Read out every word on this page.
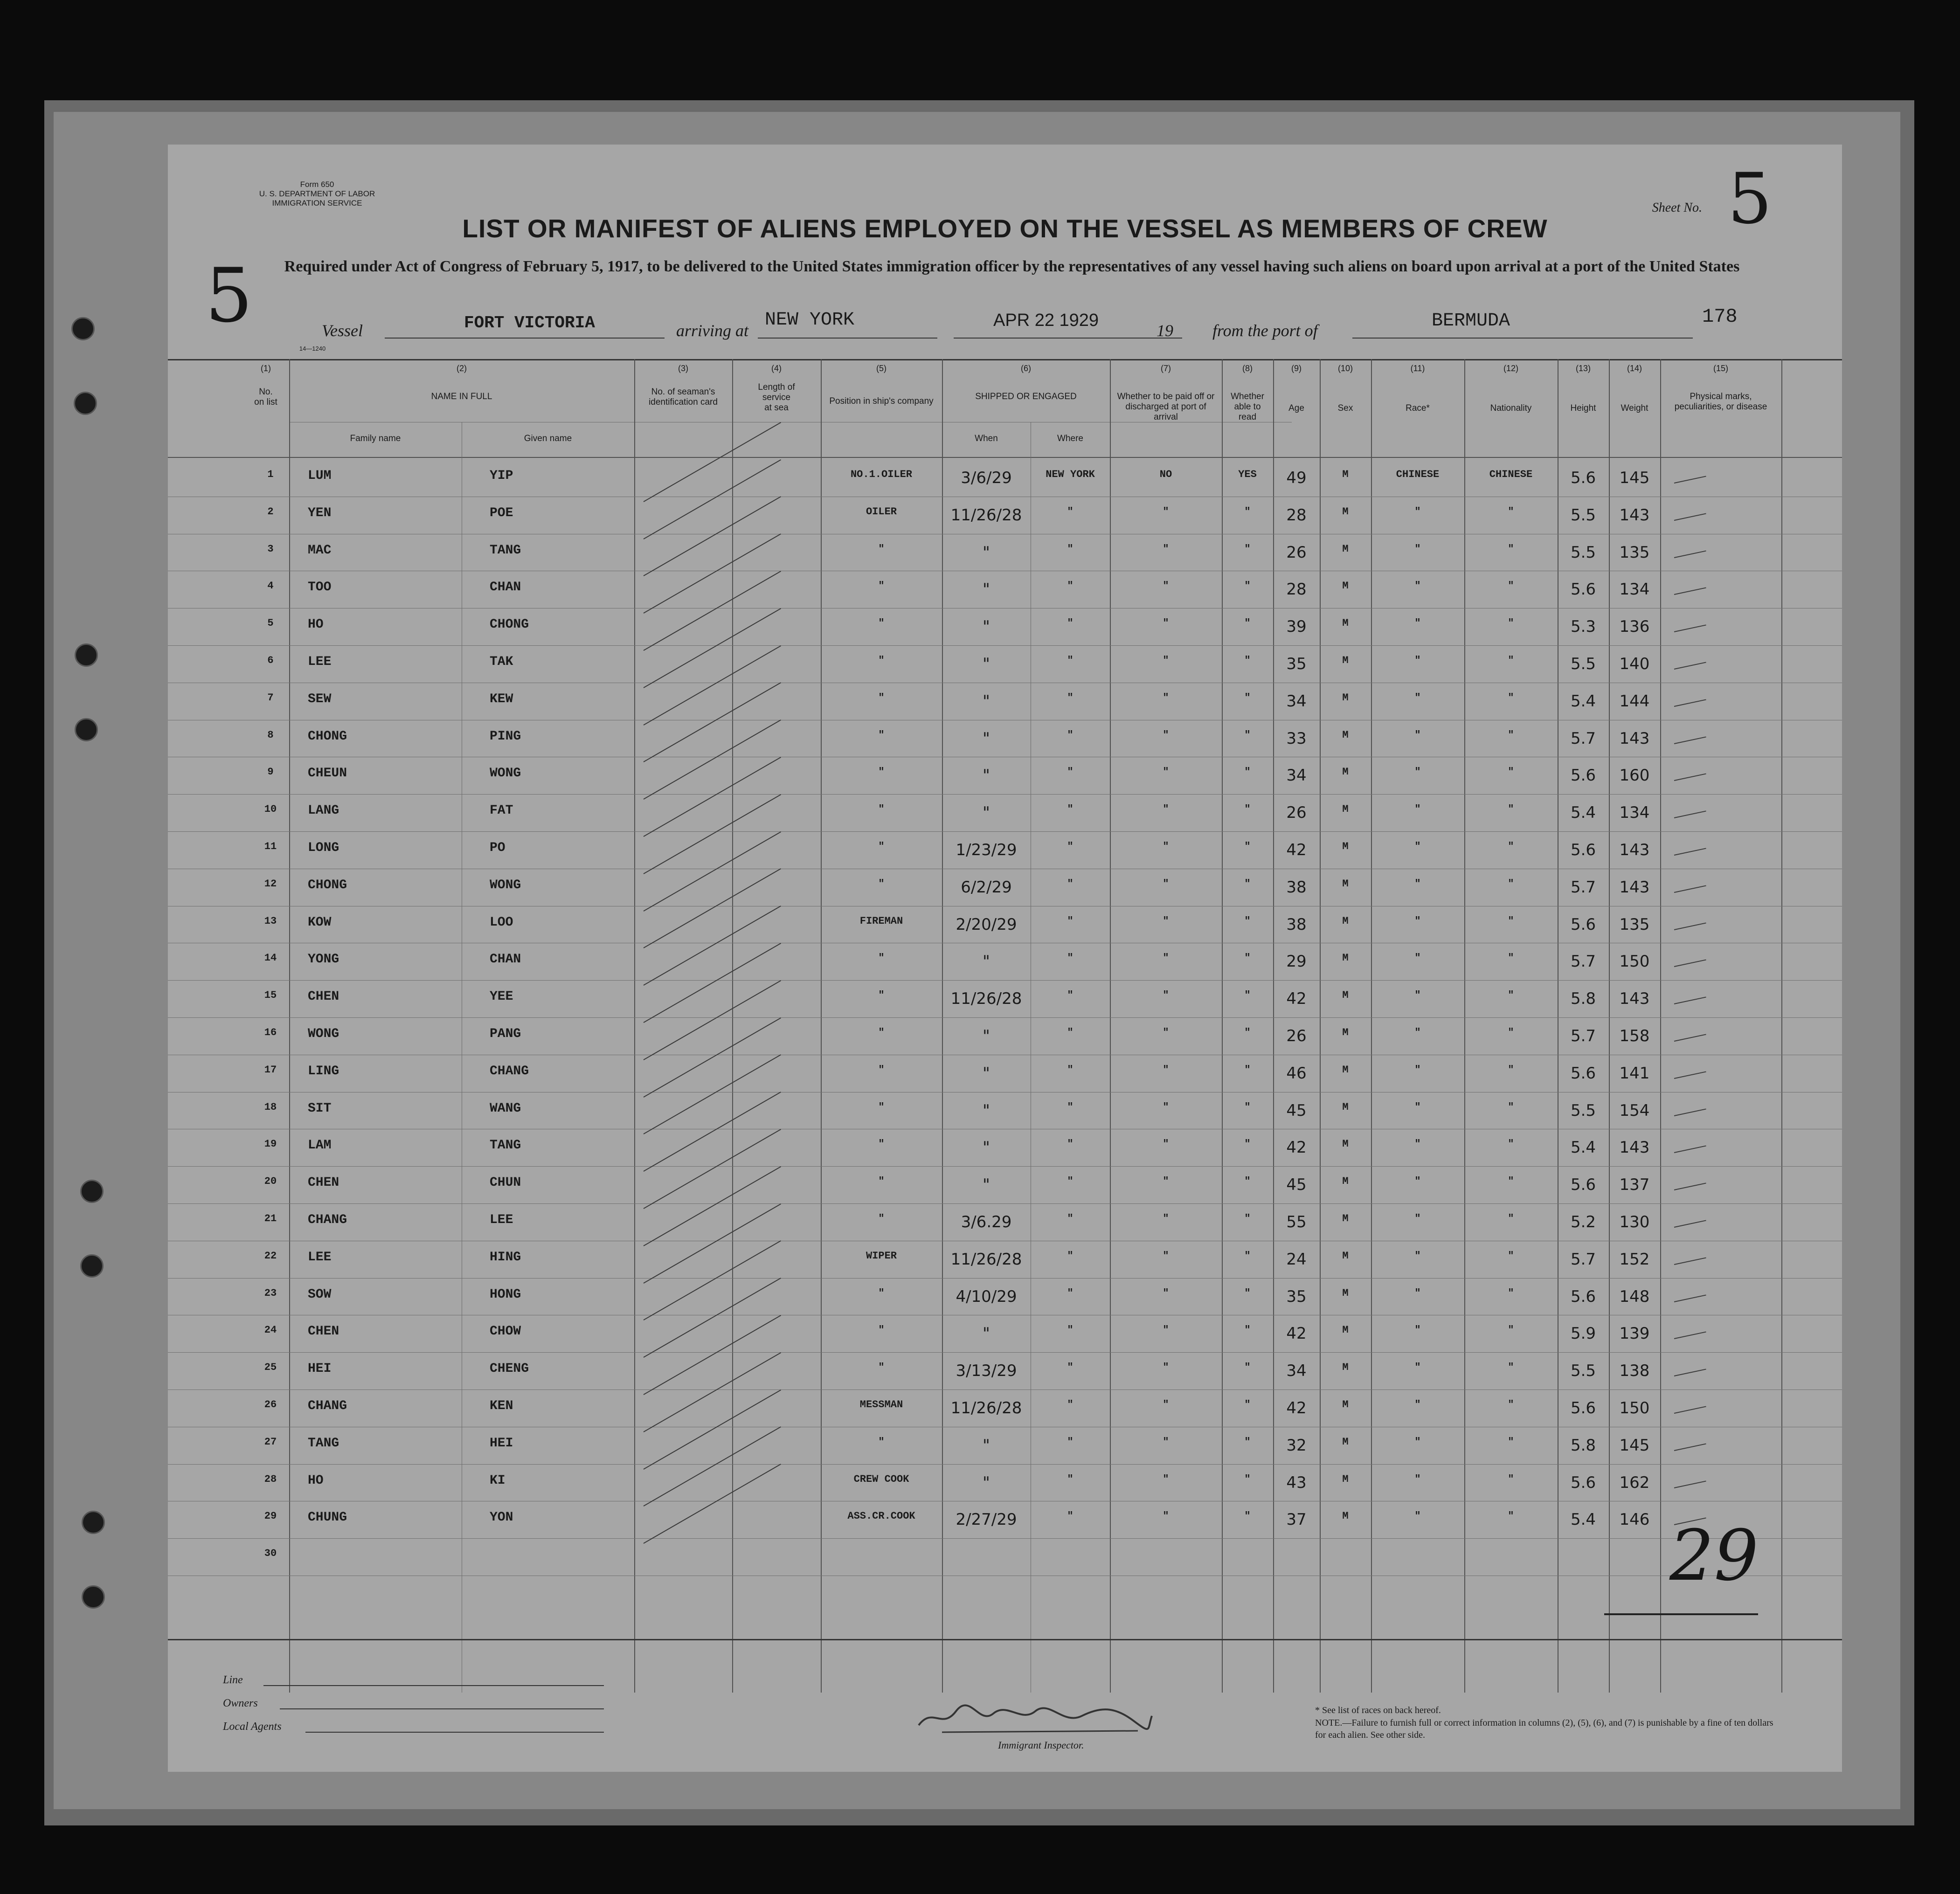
Form 650
U. S. DEPARTMENT OF LABOR
IMMIGRATION SERVICE	Sheet No. 5
LIST OR MANIFEST OF ALIENS EMPLOYED ON THE VESSEL AS MEMBERS OF CREW
Required under Act of Congress of February 5, 1917, to be delivered to the United States immigration officer by the representatives of any vessel having such aliens on board upon arrival at a port of the United States
5	Vessel	FORT VICTORIA	arriving at NEW YORK	APR 22 1929
19 from the port of	BERMUDA	178
14—1240
(1)
No. on list
(2)
NAME IN FULL
Family name	Given name
(3)
No. of seaman's identification card
(4)
Length of service at sea
(5)
Position in ship's company
(6)
SHIPPED OR ENGAGED
When	Where
(7)
Whether to be paid off or discharged at port of arrival
(8)
Whether able to read
(9)
Age
(10)
Sex
(11)
Race*
(12)
Nationality
(13)
Height
(14)
Weight
(15)
Physical marks, peculiarities, or disease
1	LUM	YIP	NO.1.OILER	3/6/29	NEW YORK	NO	YES	49	M	CHINESE	CHINESE	5.6	145
2	YEN	POE	OILER	11/26/28	"	"	"	28	M	"	"	5.5	143
3	MAC	TANG	"	"	"	"	"	26	M	"	"	5.5	135
4	TOO	CHAN	"	"	"	"	"	28	M	"	"	5.6	134
5	HO	CHONG	"	"	"	"	"	39	M	"	"	5.3	136
6	LEE	TAK	"	"	"	"	"	35	M	"	"	5.5	140
7	SEW	KEW	"	"	"	"	"	34	M	"	"	5.4	144
8	CHONG	PING	"	"	"	"	"	33	M	"	"	5.7	143
9	CHEUN	WONG	"	"	"	"	"	34	M	"	"	5.6	160
10	LANG	FAT	"	"	"	"	"	26	M	"	"	5.4	134
11	LONG	PO	"	1/23/29	"	"	"	42	M	"	"	5.6	143
12	CHONG	WONG	"	6/2/29	"	"	"	38	M	"	"	5.7	143
13	KOW	LOO	FIREMAN	2/20/29	"	"	"	38	M	"	"	5.6	135
14	YONG	CHAN	"	"	"	"	"	29	M	"	"	5.7	150
15	CHEN	YEE	"	11/26/28	"	"	"	42	M	"	"	5.8	143
16	WONG	PANG	"	"	"	"	"	26	M	"	"	5.7	158
17	LING	CHANG	"	"	"	"	"	46	M	"	"	5.6	141
18	SIT	WANG	"	"	"	"	"	45	M	"	"	5.5	154
19	LAM	TANG	"	"	"	"	"	42	M	"	"	5.4	143
20	CHEN	CHUN	"	"	"	"	"	45	M	"	"	5.6	137
21	CHANG	LEE	"	3/6.29	"	"	"	55	M	"	"	5.2	130
22	LEE	HING	WIPER	11/26/28	"	"	"	24	M	"	"	5.7	152
23	SOW	HONG	"	4/10/29	"	"	"	35	M	"	"	5.6	148
24	CHEN	CHOW	"	"	"	"	"	42	M	"	"	5.9	139
25	HEI	CHENG	"	3/13/29	"	"	"	34	M	"	"	5.5	138
26	CHANG	KEN	MESSMAN	11/26/28	"	"	"	42	M	"	"	5.6	150
27	TANG	HEI	"	"	"	"	"	32	M	"	"	5.8	145
28	HO	KI	CREW COOK	"	"	"	"	43	M	"	"	5.6	162
29	CHUNG	YON	ASS.CR.COOK	2/27/29	"	"	"	37	M	"	"	5.4	146
30	29
Line
Owners
Local Agents
Immigrant Inspector.
* See list of races on back hereof.
NOTE.—Failure to furnish full or correct information in columns (2), (5), (6), and (7) is punishable by a fine of ten dollars for each alien. See other side.
